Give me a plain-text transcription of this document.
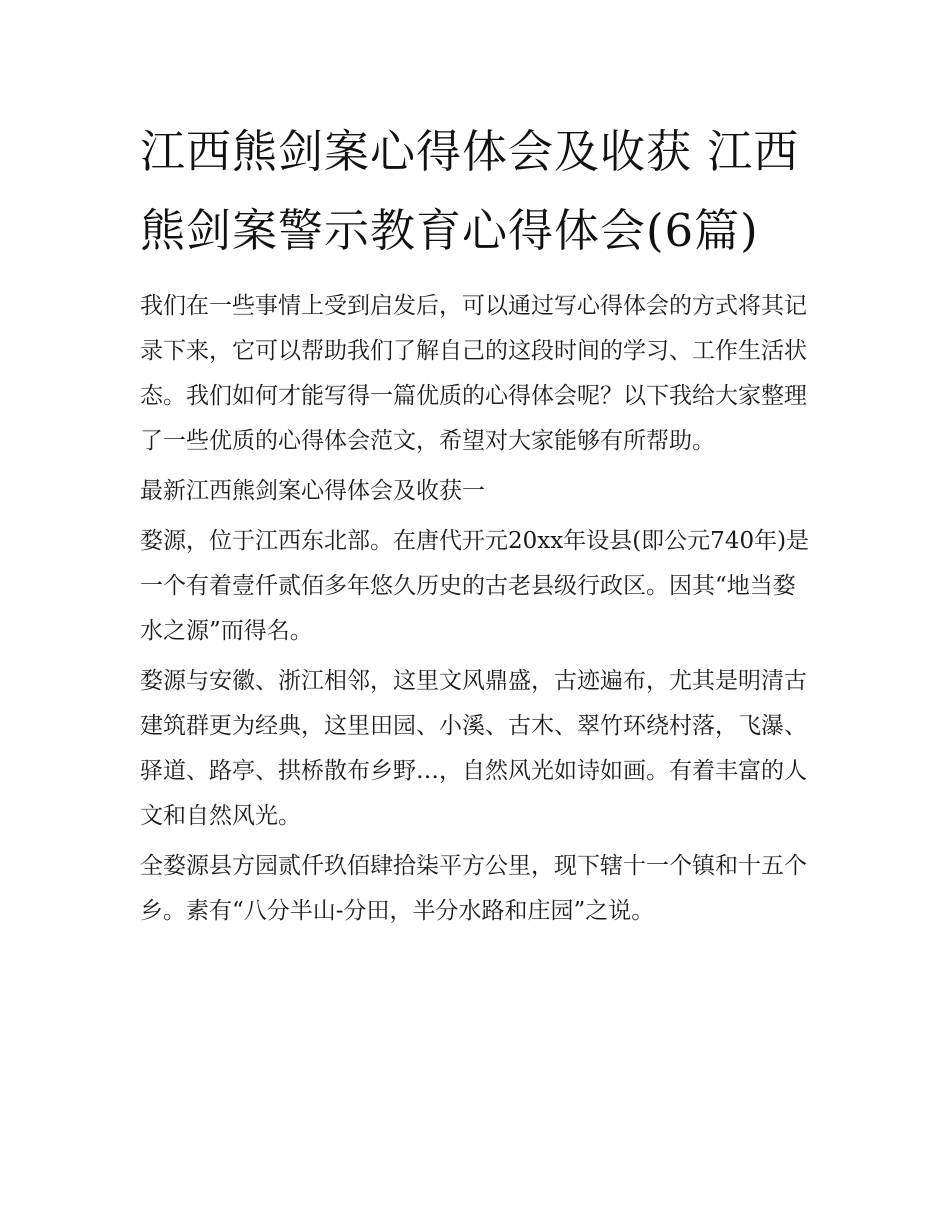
江西熊剑案心得体会及收获 江西熊剑案警示教育心得体会(6篇)

我们在一些事情上受到启发后，可以通过写心得体会的方式将其记录下来，它可以帮助我们了解自己的这段时间的学习、工作生活状态。我们如何才能写得一篇优质的心得体会呢？以下我给大家整理了一些优质的心得体会范文，希望对大家能够有所帮助。

最新江西熊剑案心得体会及收获一

婺源，位于江西东北部。在唐代开元20xx年设县(即公元740年)是一个有着壹仟贰佰多年悠久历史的古老县级行政区。因其“地当婺水之源”而得名。

婺源与安徽、浙江相邻，这里文风鼎盛，古迹遍布，尤其是明清古建筑群更为经典，这里田园、小溪、古木、翠竹环绕村落，飞瀑、驿道、路亭、拱桥散布乡野…，自然风光如诗如画。有着丰富的人文和自然风光。

全婺源县方园贰仟玖佰肆拾柒平方公里，现下辖十一个镇和十五个乡。素有“八分半山-分田，半分水路和庄园”之说。
